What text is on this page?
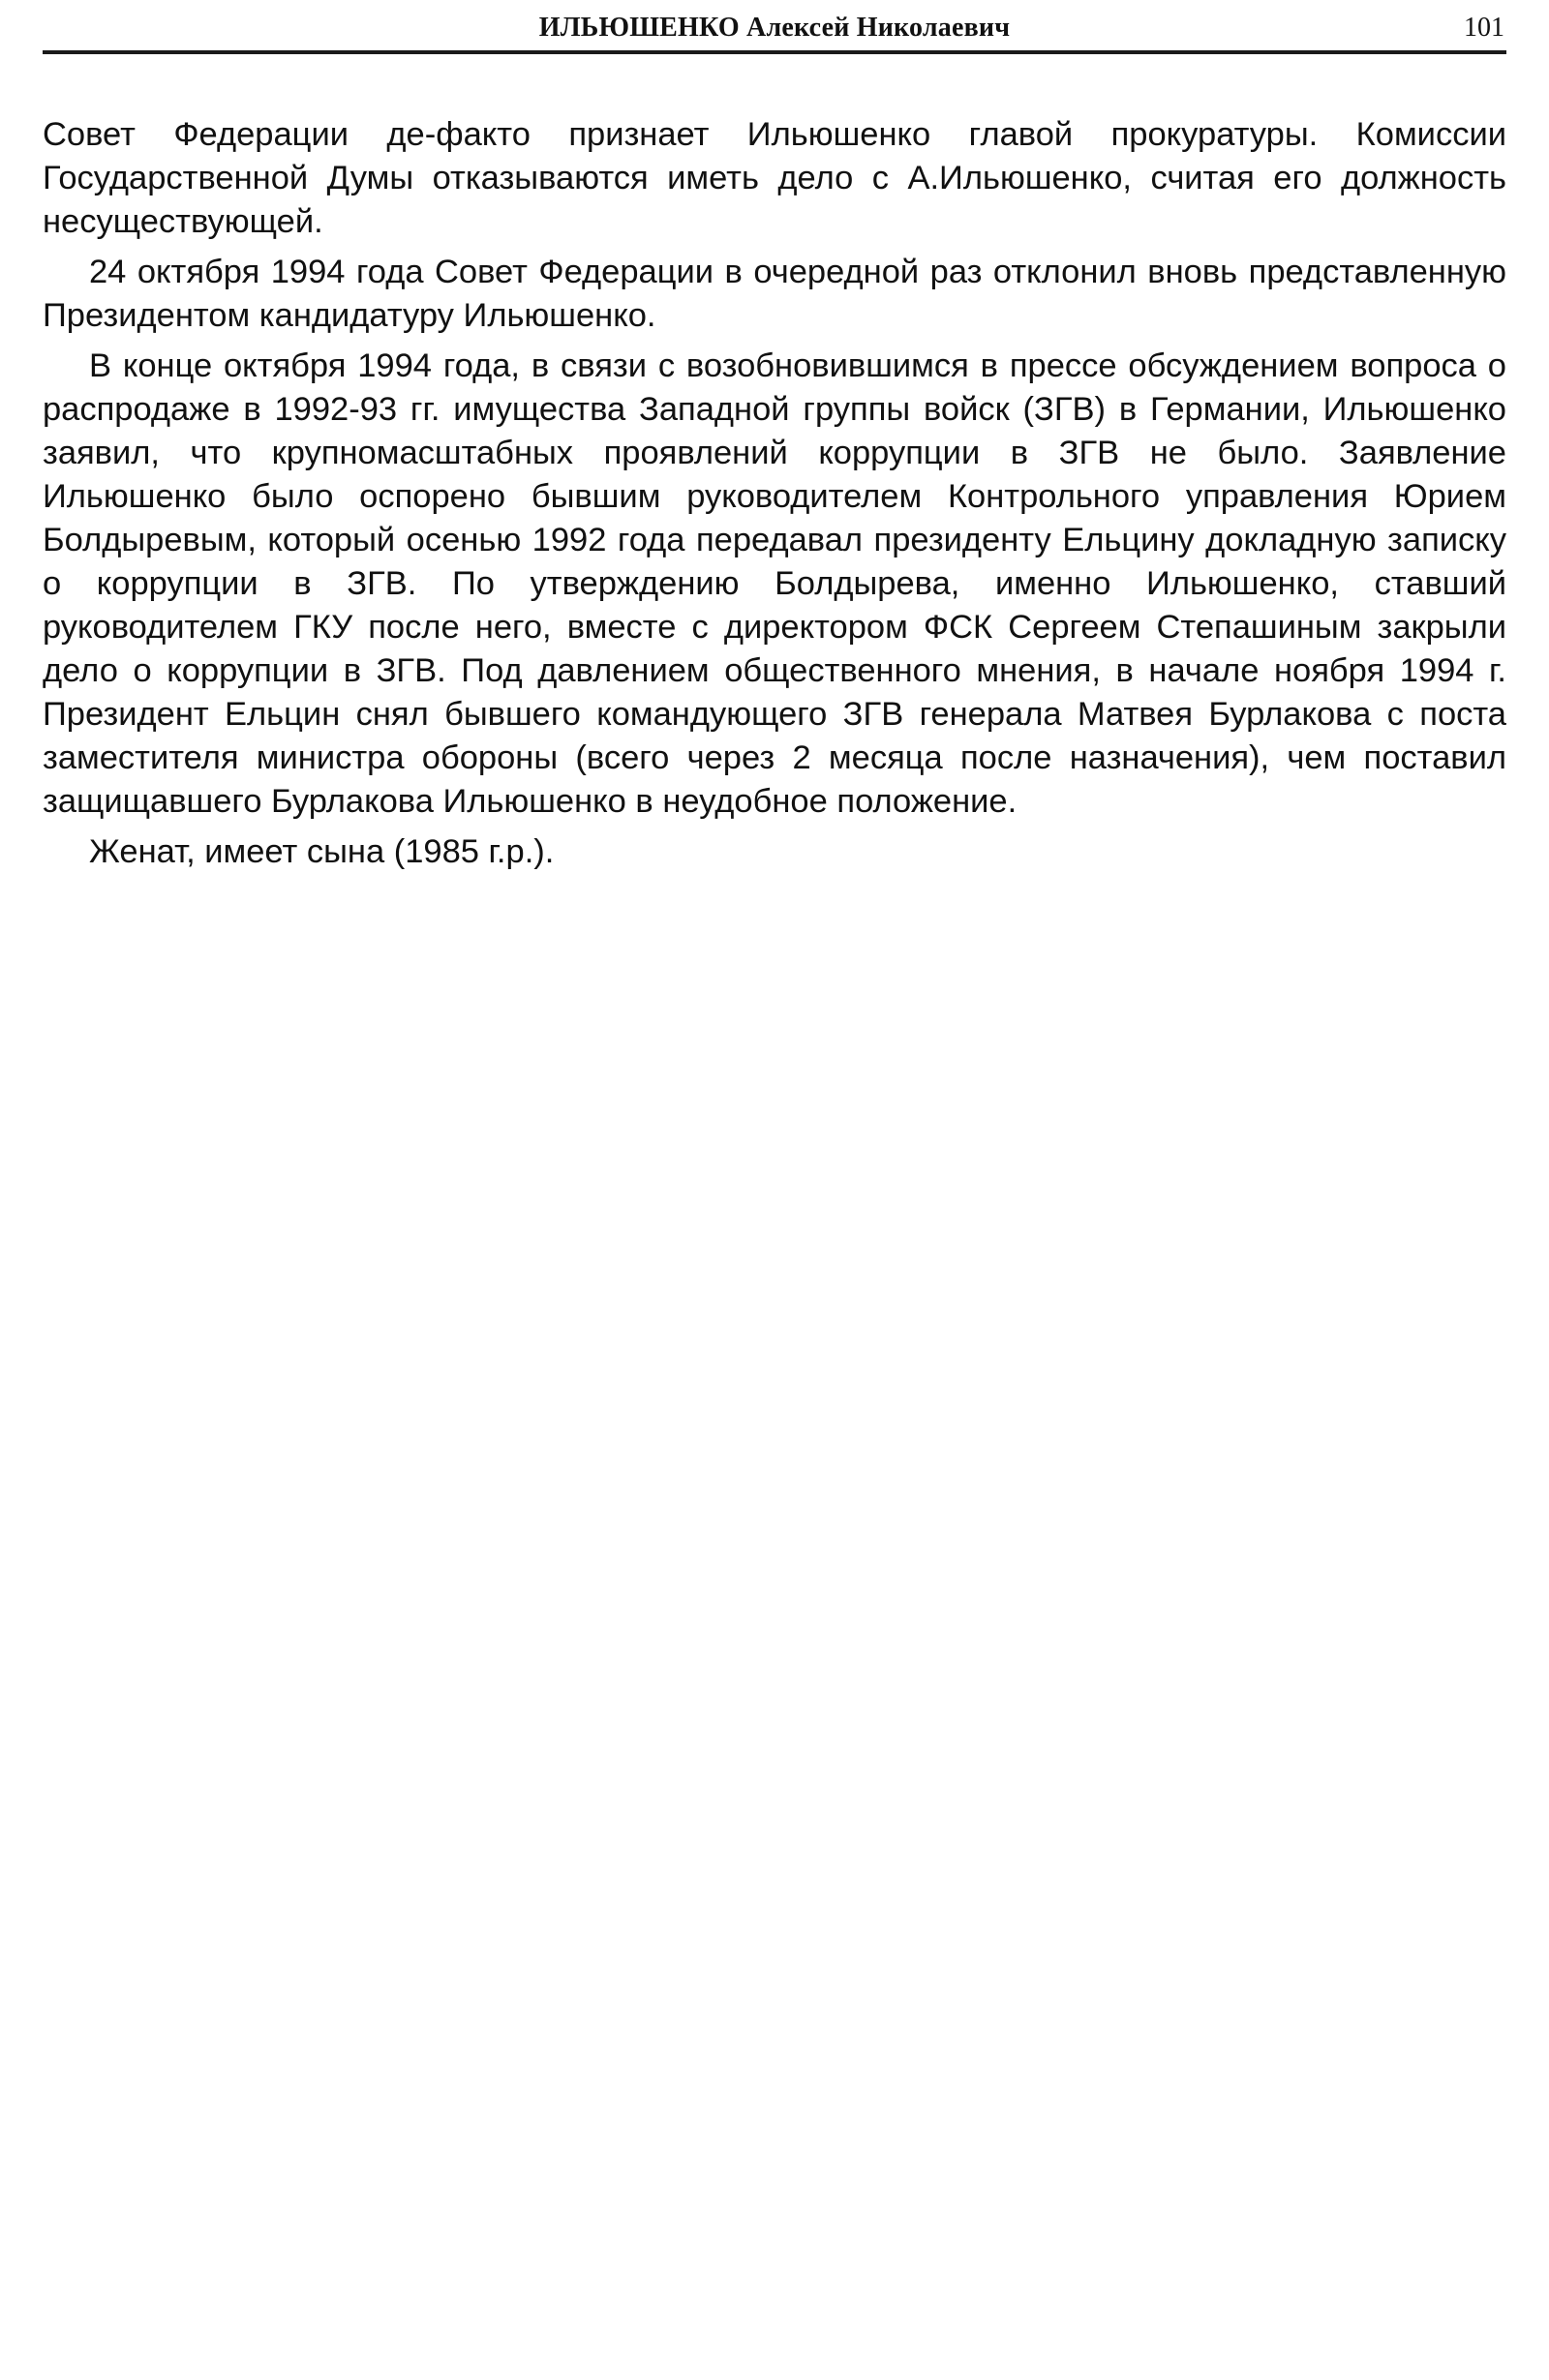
ИЛЬЮШЕНКО Алексей Николаевич	101

Совет Федерации де-факто признает Ильюшенко главой прокуратуры. Комиссии Государственной Думы отказываются иметь дело с А.Ильюшенко, считая его должность несуществующей.

24 октября 1994 года Совет Федерации в очередной раз отклонил вновь представленную Президентом кандидатуру Ильюшенко.

В конце октября 1994 года, в связи с возобновившимся в прессе обсуждением вопроса о распродаже в 1992-93 гг. имущества Западной группы войск (ЗГВ) в Германии, Ильюшенко заявил, что крупномасштабных проявлений коррупции в ЗГВ не было. Заявление Ильюшенко было оспорено бывшим руководителем Контрольного управления Юрием Болдыревым, который осенью 1992 года передавал президенту Ельцину докладную записку о коррупции в ЗГВ. По утверждению Болдырева, именно Ильюшенко, ставший руководителем ГКУ после него, вместе с директором ФСК Сергеем Степашиным закрыли дело о коррупции в ЗГВ. Под давлением общественного мнения, в начале ноября 1994 г. Президент Ельцин снял бывшего командующего ЗГВ генерала Матвея Бурлакова с поста заместителя министра обороны (всего через 2 месяца после назначения), чем поставил защищавшего Бурлакова Ильюшенко в неудобное положение.

Женат, имеет сына (1985 г.р.).
